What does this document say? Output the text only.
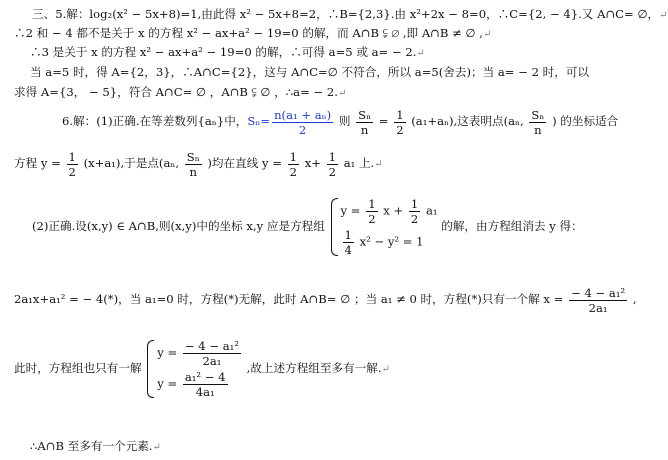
三、5.解：log₂(x² − 5x+8)=1,由此得 x² − 5x+8=2，∴B={2,3}.由 x²+2x − 8=0，∴C={2, − 4}.又 A∩C= ∅，↵
∴2 和 − 4 都不是关于 x 的方程 x² − ax+a² − 19=0 的解，而 A∩B ⫋ ∅ ,即 A∩B ≠ ∅ ,↵
∴3 是关于 x 的方程 x² − ax+a² − 19=0 的解，∴可得 a=5 或 a= − 2.↵
当 a=5 时，得 A={2，3}，∴A∩C={2}，这与 A∩C=∅ 不符合，所以 a=5(舍去)；当 a= − 2 时，可以
求得 A={3， − 5}，符合 A∩C= ∅ ，A∩B ⫋ ∅ ，∴a= − 2.↵
6.解：(1)正确.在等差数列{aₙ}中，$S_n= \frac{\text{n(a₁ + aₙ)}}{2}$ 则 $\frac{\text{Sₙ}}{n} = \frac{1}{2} (a_1+a_n)$,这表明点(aₙ, $\frac{\text{Sₙ}}{n}$ ) 的坐标适合
方程 $y = \frac{1}{2} (x+a_1)$,于是点(aₙ, $\frac{\text{Sₙ}}{n}$ )均在直线 $y = \frac{1}{2} x+ \frac{1}{2} a_1$ 上.↵
(2)正确.设(x,y) ∈ A∩B,则(x,y)中的坐标 x,y 应是方程组
$y = \frac{1}{2}$ $x + \frac{1}{2} a_1$
$\frac{1}{4} x^2 - y^2 = 1$
的解，由方程组消去 y 得：
2a₁x+a₁² = − 4(*)，当 a₁=0 时，方程(*)无解，此时 A∩B= ∅ ；当 a₁ ≠ 0 时，方程(*)只有一个解 $x = \frac{\text{− 4 − a₁²}}{\text{2a₁}}$ ,
此时，方程组也只有一解
$y = \frac{\text{− 4 − a₁²}}{\text{2a₁}}$
$y = \frac{\text{a₁² − 4}}{\text{4a₁}}$
,故上述方程组至多有一解.↵
∴A∩B 至多有一个元素.↵
